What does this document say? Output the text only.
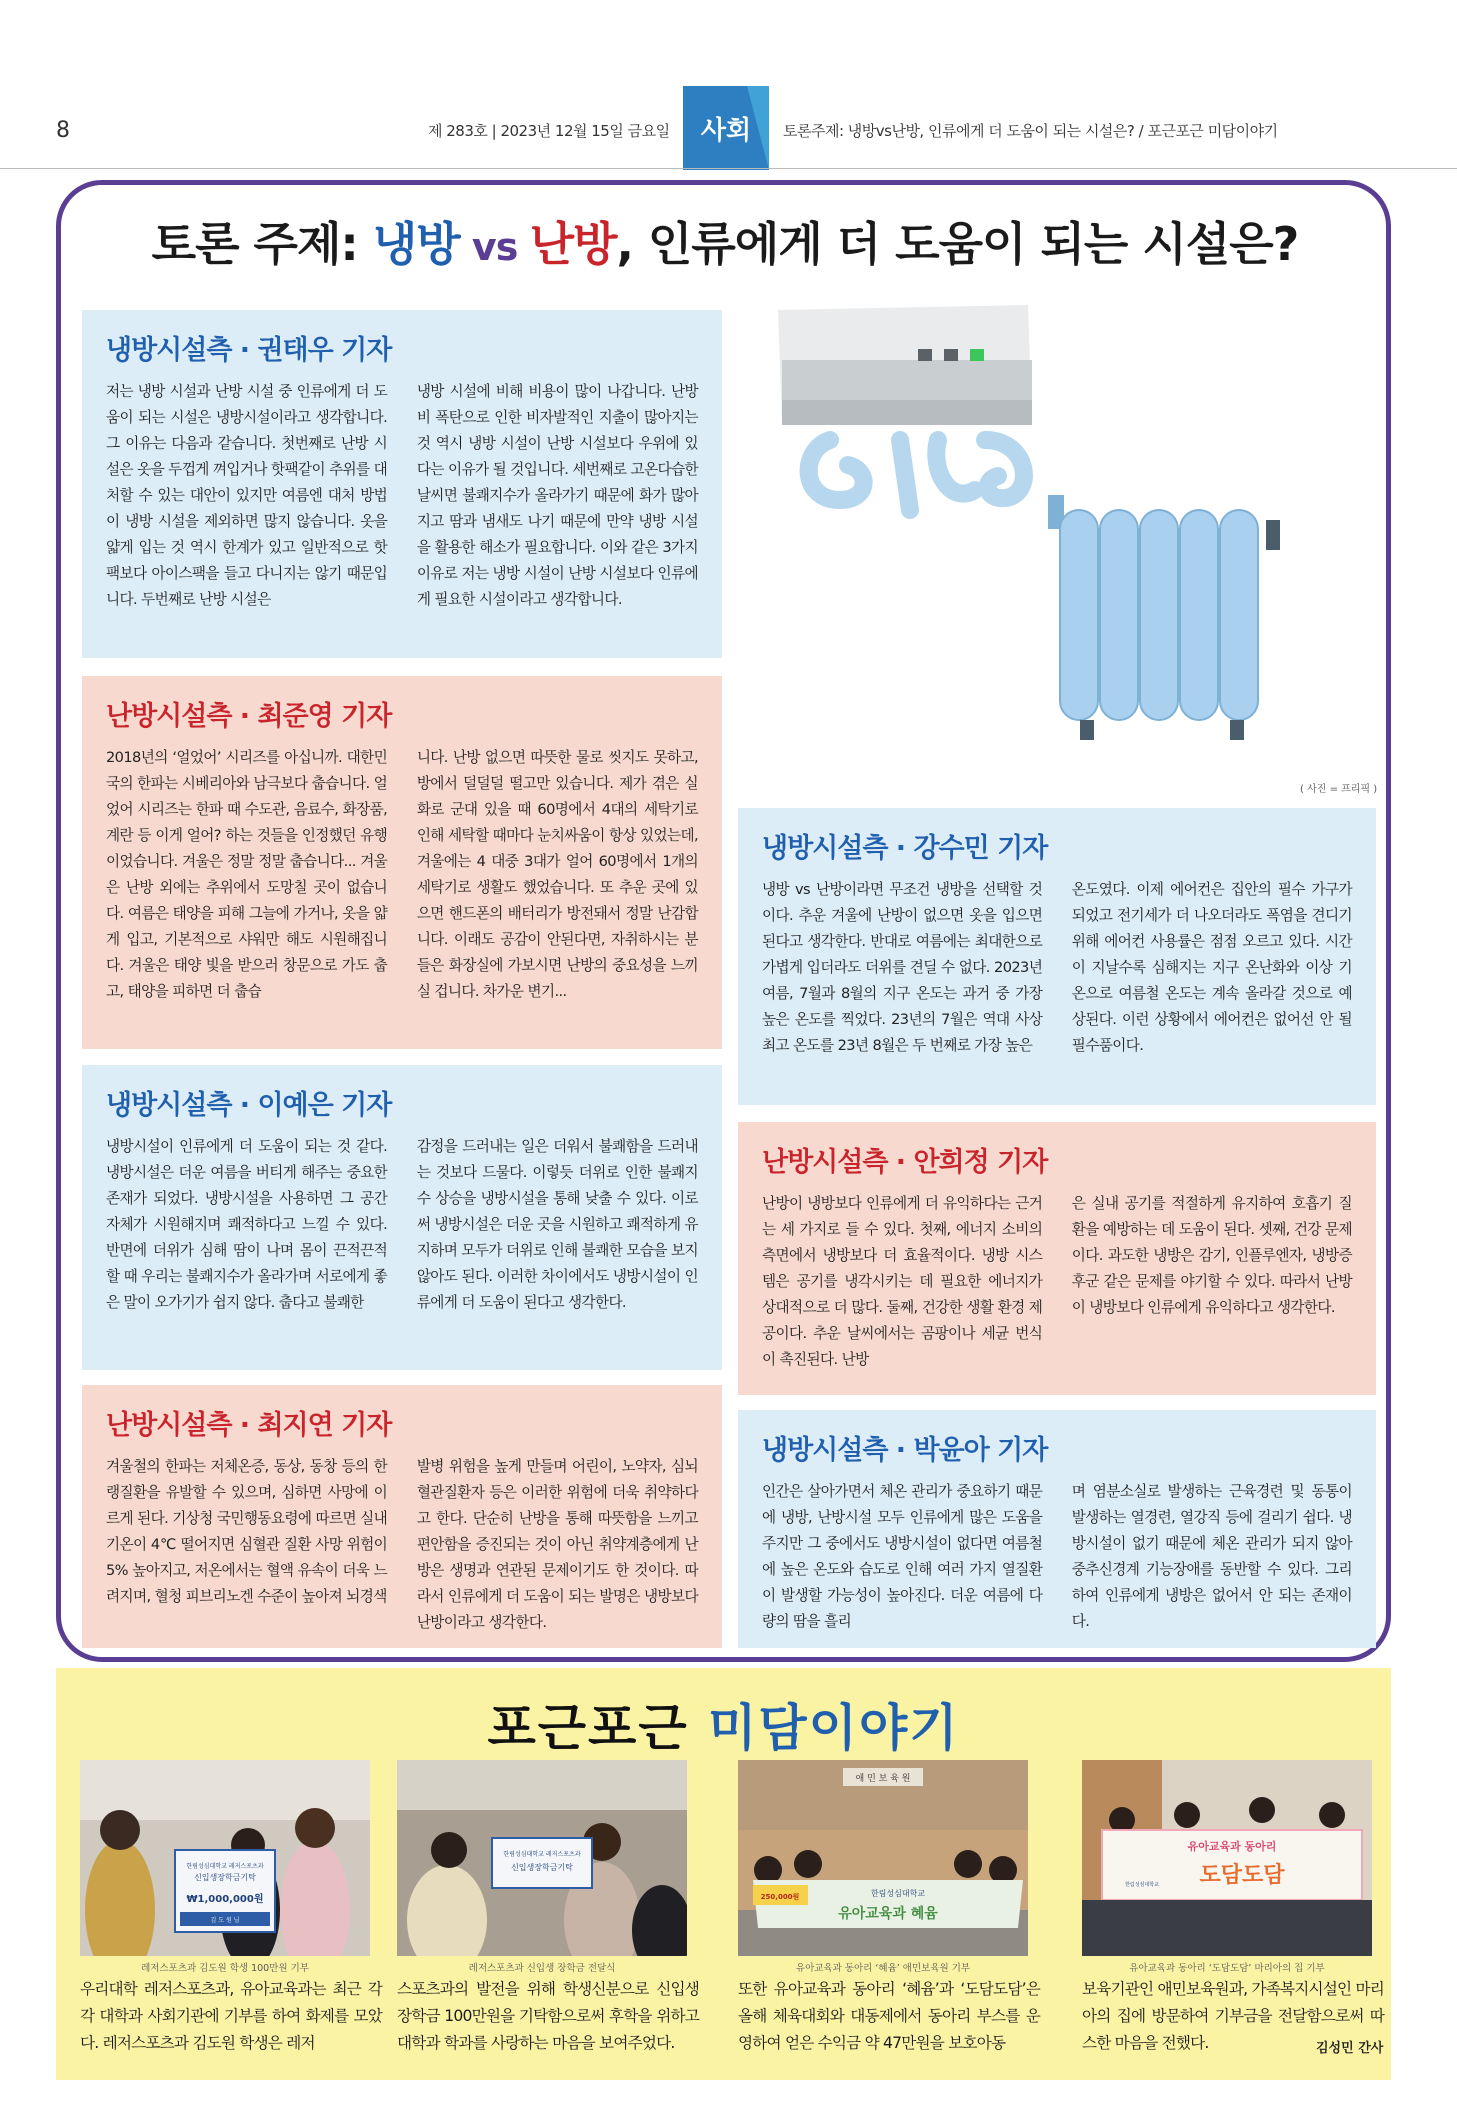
8	제 283호 | 2023년 12월 15일 금요일 사회 토론주제: 냉방vs난방, 인류에게 더 도움이 되는 시설은? / 포근포근 미담이야기
토론 주제: 냉방 vs 난방, 인류에게 더 도움이 되는 시설은?
냉방시설측 · 권태우 기자
저는 냉방 시설과 난방 시설 중 인류에게 더 도움이 되는 시설은 냉방시설이라고 생각합니다. 그 이유는 다음과 같습니다. 첫번째로 난방 시설은 옷을 두껍게 껴입거나 핫팩같이 추위를 대처할 수 있는 대안이 있지만 여름엔 대처 방법이 냉방 시설을 제외하면 많지 않습니다. 옷을 얇게 입는 것 역시 한계가 있고 일반적으로 핫팩보다 아이스팩을 들고 다니지는 않기 때문입니다. 두번째로 난방 시설은
냉방 시설에 비해 비용이 많이 나갑니다. 난방비 폭탄으로 인한 비자발적인 지출이 많아지는 것 역시 냉방 시설이 난방 시설보다 우위에 있다는 이유가 될 것입니다. 세번째로 고온다습한 날씨면 불쾌지수가 올라가기 때문에 화가 많아지고 땀과 냄새도 나기 때문에 만약 냉방 시설을 활용한 해소가 필요합니다. 이와 같은 3가지 이유로 저는 냉방 시설이 난방 시설보다 인류에게 필요한 시설이라고 생각합니다.
난방시설측 · 최준영 기자
2018년의 ‘얼었어’ 시리즈를 아십니까. 대한민국의 한파는 시베리아와 남극보다 춥습니다. 얼었어 시리즈는 한파 때 수도관, 음료수, 화장품, 계란 등 이게 얼어? 하는 것들을 인정했던 유행이었습니다. 겨울은 정말 정말 춥습니다... 겨울은 난방 외에는 추위에서 도망칠 곳이 없습니다. 여름은 태양을 피해 그늘에 가거나, 옷을 얇게 입고, 기본적으로 샤워만 해도 시원해집니다. 겨울은 태양 빛을 받으러 창문으로 가도 춥고, 태양을 피하면 더 춥습
니다. 난방 없으면 따뜻한 물로 씻지도 못하고, 방에서 덜덜덜 떨고만 있습니다. 제가 겪은 실화로 군대 있을 때 60명에서 4대의 세탁기로 인해 세탁할 때마다 눈치싸움이 항상 있었는데, 겨울에는 4 대중 3대가 얼어 60명에서 1개의 세탁기로 생활도 했었습니다. 또 추운 곳에 있으면 핸드폰의 배터리가 방전돼서 정말 난감합니다. 이래도 공감이 안된다면, 자취하시는 분들은 화장실에 가보시면 난방의 중요성을 느끼실 겁니다. 차가운 변기...
냉방시설측 · 이예은 기자
냉방시설이 인류에게 더 도움이 되는 것 같다. 냉방시설은 더운 여름을 버티게 해주는 중요한 존재가 되었다. 냉방시설을 사용하면 그 공간 자체가 시원해지며 쾌적하다고 느낄 수 있다. 반면에 더위가 심해 땀이 나며 몸이 끈적끈적 할 때 우리는 불쾌지수가 올라가며 서로에게 좋은 말이 오가기가 쉽지 않다. 춥다고 불쾌한
감정을 드러내는 일은 더워서 불쾌함을 드러내는 것보다 드물다. 이렇듯 더위로 인한 불쾌지수 상승을 냉방시설을 통해 낮출 수 있다. 이로써 냉방시설은 더운 곳을 시원하고 쾌적하게 유지하며 모두가 더위로 인해 불쾌한 모습을 보지 않아도 된다. 이러한 차이에서도 냉방시설이 인류에게 더 도움이 된다고 생각한다.
난방시설측 · 최지연 기자
겨울철의 한파는 저체온증, 동상, 동창 등의 한랭질환을 유발할 수 있으며, 심하면 사망에 이르게 된다. 기상청 국민행동요령에 따르면 실내 기온이 4℃ 떨어지면 심혈관 질환 사망 위험이 5% 높아지고, 저온에서는 혈액 유속이 더욱 느려지며, 혈청 피브리노겐 수준이 높아져 뇌경색
발병 위험을 높게 만들며 어린이, 노약자, 심뇌혈관질환자 등은 이러한 위험에 더욱 취약하다고 한다. 단순히 난방을 통해 따뜻함을 느끼고 편안함을 증진되는 것이 아닌 취약계층에게 난방은 생명과 연관된 문제이기도 한 것이다. 따라서 인류에게 더 도움이 되는 발명은 냉방보다 난방이라고 생각한다.
냉방시설측 · 강수민 기자
냉방 vs 난방이라면 무조건 냉방을 선택할 것이다. 추운 겨울에 난방이 없으면 옷을 입으면 된다고 생각한다. 반대로 여름에는 최대한으로 가볍게 입더라도 더위를 견딜 수 없다. 2023년 여름, 7월과 8월의 지구 온도는 과거 중 가장 높은 온도를 찍었다. 23년의 7월은 역대 사상 최고 온도를 23년 8월은 두 번째로 가장 높은
온도였다. 이제 에어컨은 집안의 필수 가구가 되었고 전기세가 더 나오더라도 폭염을 견디기 위해 에어컨 사용률은 점점 오르고 있다. 시간이 지날수록 심해지는 지구 온난화와 이상 기온으로 여름철 온도는 계속 올라갈 것으로 예상된다. 이런 상황에서 에어컨은 없어선 안 될 필수품이다.
난방시설측 · 안희정 기자
난방이 냉방보다 인류에게 더 유익하다는 근거는 세 가지로 들 수 있다. 첫째, 에너지 소비의 측면에서 냉방보다 더 효율적이다. 냉방 시스템은 공기를 냉각시키는 데 필요한 에너지가 상대적으로 더 많다. 둘째, 건강한 생활 환경 제공이다. 추운 날씨에서는 곰팡이나 세균 번식이 촉진된다. 난방
은 실내 공기를 적절하게 유지하여 호흡기 질환을 예방하는 데 도움이 된다. 셋째, 건강 문제이다. 과도한 냉방은 감기, 인플루엔자, 냉방증후군 같은 문제를 야기할 수 있다. 따라서 난방이 냉방보다 인류에게 유익하다고 생각한다.
냉방시설측 · 박윤아 기자
인간은 살아가면서 체온 관리가 중요하기 때문에 냉방, 난방시설 모두 인류에게 많은 도움을 주지만 그 중에서도 냉방시설이 없다면 여름철에 높은 온도와 습도로 인해 여러 가지 열질환이 발생할 가능성이 높아진다. 더운 여름에 다량의 땀을 흘리
며 염분소실로 발생하는 근육경련 및 동통이 발생하는 열경련, 열강직 등에 걸리기 쉽다. 냉방시설이 없기 때문에 체온 관리가 되지 않아 중추신경계 기능장애를 동반할 수 있다. 그리하여 인류에게 냉방은 없어서 안 되는 존재이다.
( 사진 = 프리픽 )
포근포근 미담이야기
한림성심대학교 레저스포츠과
신입생장학금기탁
₩1,000,000원
김 도 원 님
레저스포츠과 김도원 학생 100만원 기부
우리대학 레저스포츠과, 유아교육과는 최근 각각 대학과 사회기관에 기부를 하여 화제를 모았다. 레저스포츠과 김도원 학생은 레저
한림성심대학교 레저스포츠과
신입생장학금기탁
레저스포츠과 신입생 장학금 전달식
스포츠과의 발전을 위해 학생신분으로 신입생 장학금 100만원을 기탁함으로써 후학을 위하고 대학과 학과를 사랑하는 마음을 보여주었다.
애 민 보 육 원
250,000원	한림성심대학교
유아교육과 혜윰
유아교육과 동아리 ‘혜윰’ 애민보육원 기부
또한 유아교육과 동아리 ‘혜윰’과 ‘도담도담’은 올해 체육대회와 대동제에서 동아리 부스를 운영하여 얻은 수익금 약 47만원을 보호아동
유아교육과 동아리
도담도담
한림성심대학교
유아교육과 동아리 ‘도담도담’ 마리아의 집 기부
보육기관인 애민보육원과, 가족복지시설인 마리아의 집에 방문하여 기부금을 전달함으로써 따스한 마음을 전했다.	김성민 간사
